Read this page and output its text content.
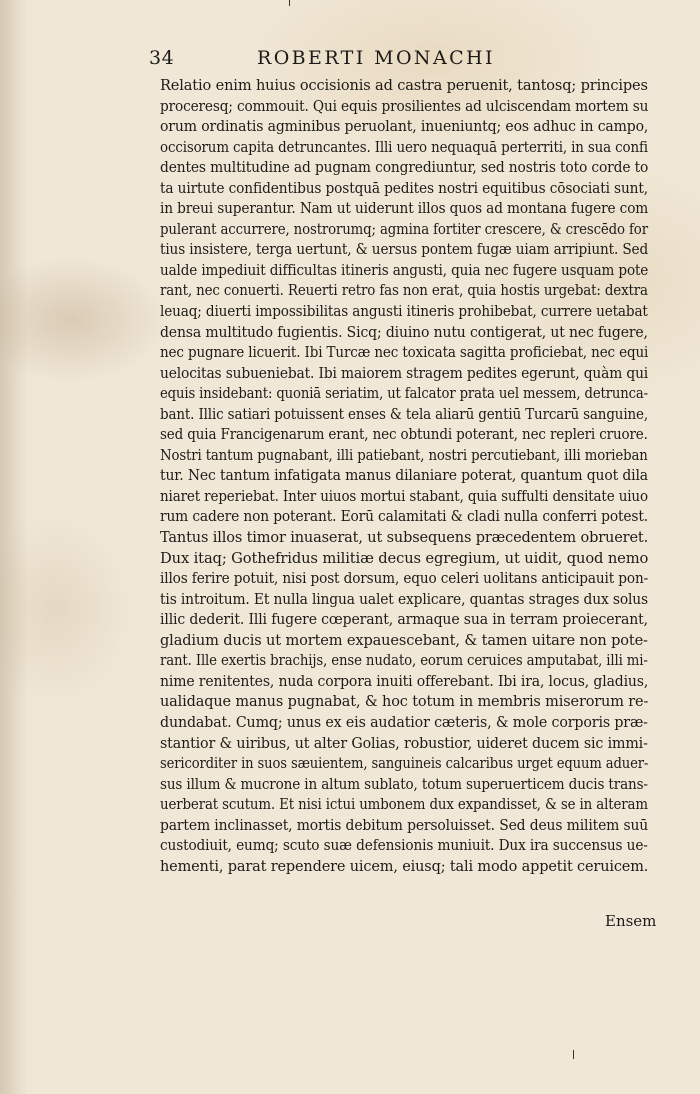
34	ROBERTI MONACHI
Relatio enim huius occisionis ad castra peruenit, tantosq; principes
proceresq; commouit. Qui equis prosilientes ad ulciscendam mortem su
orum ordinatis agminibus peruolant, inueniuntq; eos adhuc in campo,
occisorum capita detruncantes. Illi uero nequaquā perterriti, in sua confi
dentes multitudine ad pugnam congrediuntur, sed nostris toto corde to
ta uirtute confidentibus postquā pedites nostri equitibus cōsociati sunt,
in breui superantur. Nam ut uiderunt illos quos ad montana fugere com
pulerant accurrere, nostrorumq; agmina fortiter crescere, & crescēdo for
tius insistere, terga uertunt, & uersus pontem fugæ uiam arripiunt. Sed
ualde impediuit difficultas itineris angusti, quia nec fugere usquam pote
rant, nec conuerti. Reuerti retro fas non erat, quia hostis urgebat: dextra
leuaq; diuerti impossibilitas angusti itineris prohibebat, currere uetabat
densa multitudo fugientis. Sicq; diuino nutu contigerat, ut nec fugere,
nec pugnare licuerit. Ibi Turcæ nec toxicata sagitta proficiebat, nec equi
uelocitas subueniebat. Ibi maiorem stragem pedites egerunt, quàm qui
equis insidebant: quoniā seriatim, ut falcator prata uel messem, detrunca-
bant. Illic satiari potuissent enses & tela aliarū gentiū Turcarū sanguine,
sed quia Francigenarum erant, nec obtundi poterant, nec repleri cruore.
Nostri tantum pugnabant, illi patiebant, nostri percutiebant, illi morieban
tur. Nec tantum infatigata manus dilaniare poterat, quantum quot dila
niaret reperiebat. Inter uiuos mortui stabant, quia suffulti densitate uiuo
rum cadere non poterant. Eorū calamitati & cladi nulla conferri potest.
Tantus illos timor inuaserat, ut subsequens præcedentem obrueret.
Dux itaq; Gothefridus militiæ decus egregium, ut uidit, quod nemo
illos ferire potuit, nisi post dorsum, equo celeri uolitans anticipauit pon-
tis introitum. Et nulla lingua ualet explicare, quantas strages dux solus
illic dederit. Illi fugere cœperant, armaque sua in terram proiecerant,
gladium ducis ut mortem expauescebant, & tamen uitare non pote-
rant. Ille exertis brachijs, ense nudato, eorum ceruices amputabat, illi mi-
nime renitentes, nuda corpora inuiti offerebant. Ibi ira, locus, gladius,
ualidaque manus pugnabat, & hoc totum in membris miserorum re-
dundabat. Cumq; unus ex eis audatior cæteris, & mole corporis præ-
stantior & uiribus, ut alter Golias, robustior, uideret ducem sic immi-
sericorditer in suos sæuientem, sanguineis calcaribus urget equum aduer-
sus illum & mucrone in altum sublato, totum superuerticem ducis trans-
uerberat scutum. Et nisi ictui umbonem dux expandisset, & se in alteram
partem inclinasset, mortis debitum persoluisset. Sed deus militem suū
custodiuit, eumq; scuto suæ defensionis muniuit. Dux ira succensus ue-
hementi, parat rependere uicem, eiusq; tali modo appetit ceruicem.
Ensem
